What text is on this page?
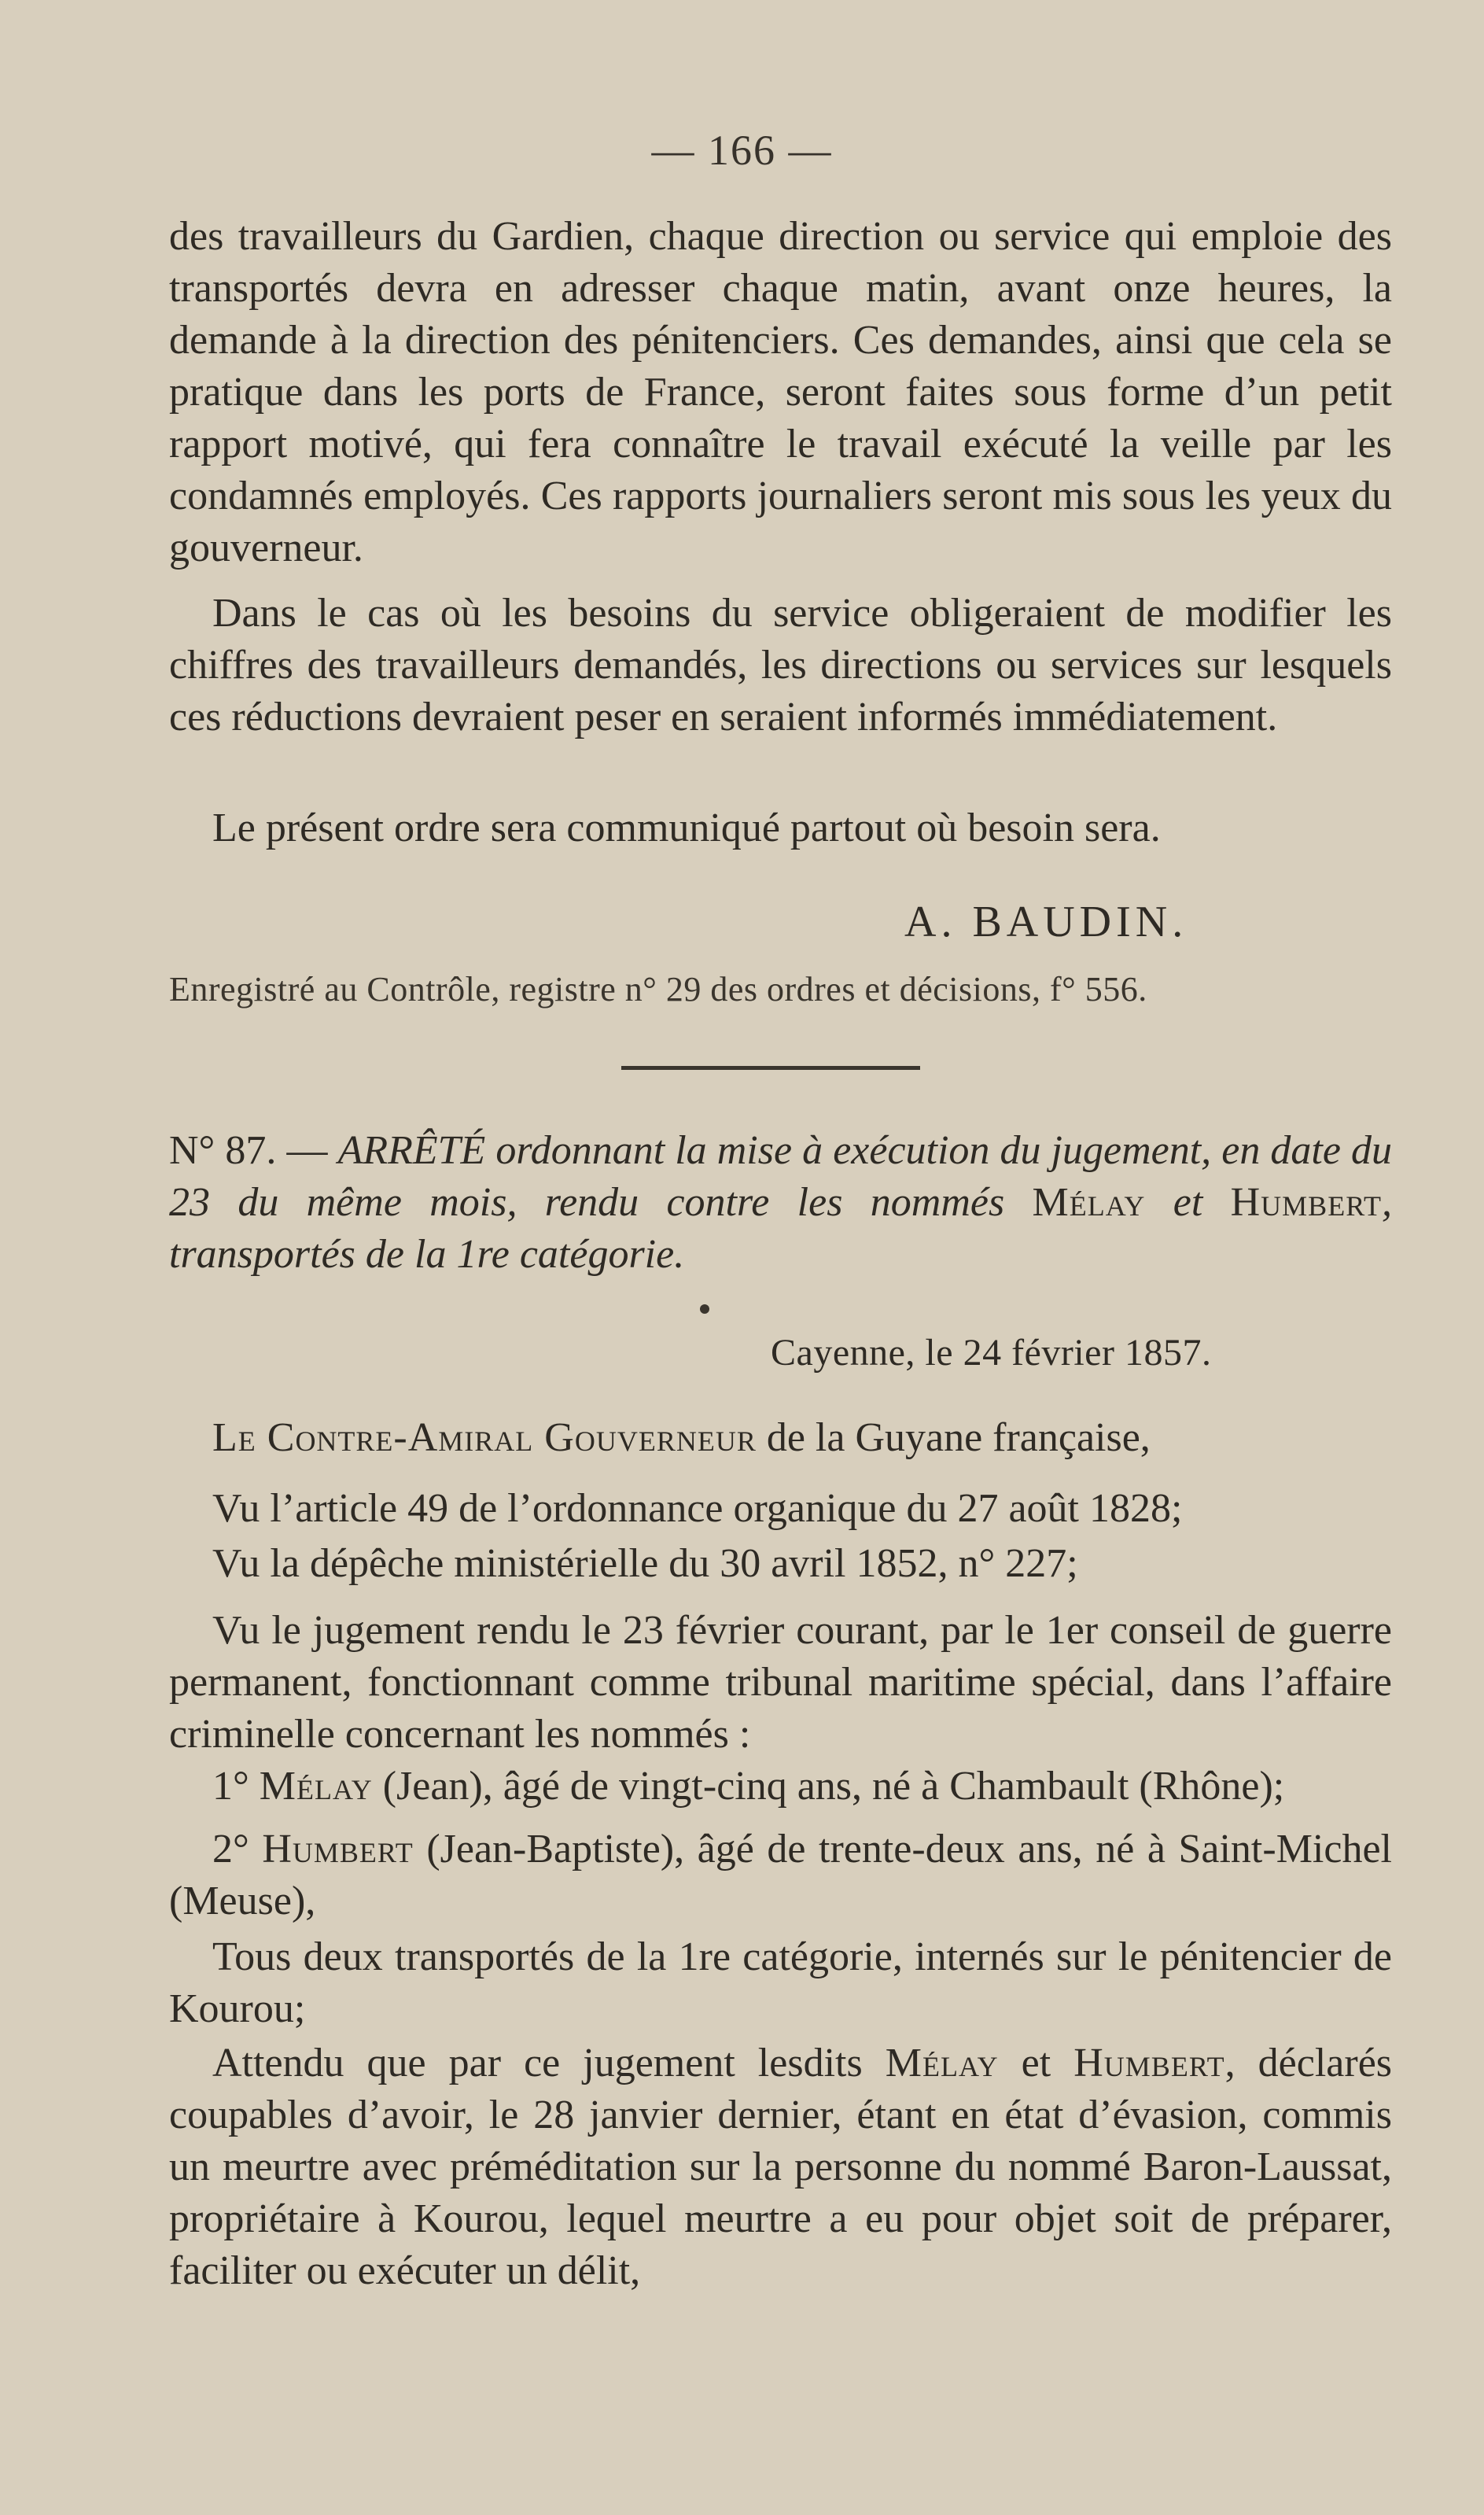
— 166 —
des travailleurs du Gardien, chaque direction ou service qui emploie des transportés devra en adresser chaque matin, avant onze heures, la demande à la direction des pénitenciers. Ces demandes, ainsi que cela se pratique dans les ports de France, seront faites sous forme d’un petit rapport motivé, qui fera connaître le travail exécuté la veille par les condamnés employés. Ces rapports journaliers seront mis sous les yeux du gouverneur.
Dans le cas où les besoins du service obligeraient de modifier les chiffres des travailleurs demandés, les directions ou services sur lesquels ces réductions devraient peser en seraient informés immédiatement.
Le présent ordre sera communiqué partout où besoin sera.
A. BAUDIN.
Enregistré au Contrôle, registre n° 29 des ordres et décisions, f° 556.
N° 87. — ARRÊTÉ ordonnant la mise à exécution du jugement, en date du 23 du même mois, rendu contre les nommés Mélay et Humbert, transportés de la 1re catégorie.
Cayenne, le 24 février 1857.
Le Contre-Amiral Gouverneur de la Guyane française,
Vu l’article 49 de l’ordonnance organique du 27 août 1828;
Vu la dépêche ministérielle du 30 avril 1852, n° 227;
Vu le jugement rendu le 23 février courant, par le 1er conseil de guerre permanent, fonctionnant comme tribunal maritime spécial, dans l’affaire criminelle concernant les nommés :
1° Mélay (Jean), âgé de vingt-cinq ans, né à Chambault (Rhône);
2° Humbert (Jean-Baptiste), âgé de trente-deux ans, né à Saint-Michel (Meuse),
Tous deux transportés de la 1re catégorie, internés sur le pénitencier de Kourou;
Attendu que par ce jugement lesdits Mélay et Humbert, déclarés coupables d’avoir, le 28 janvier dernier, étant en état d’évasion, commis un meurtre avec préméditation sur la personne du nommé Baron-Laussat, propriétaire à Kourou, lequel meurtre a eu pour objet soit de préparer, faciliter ou exécuter un délit,
